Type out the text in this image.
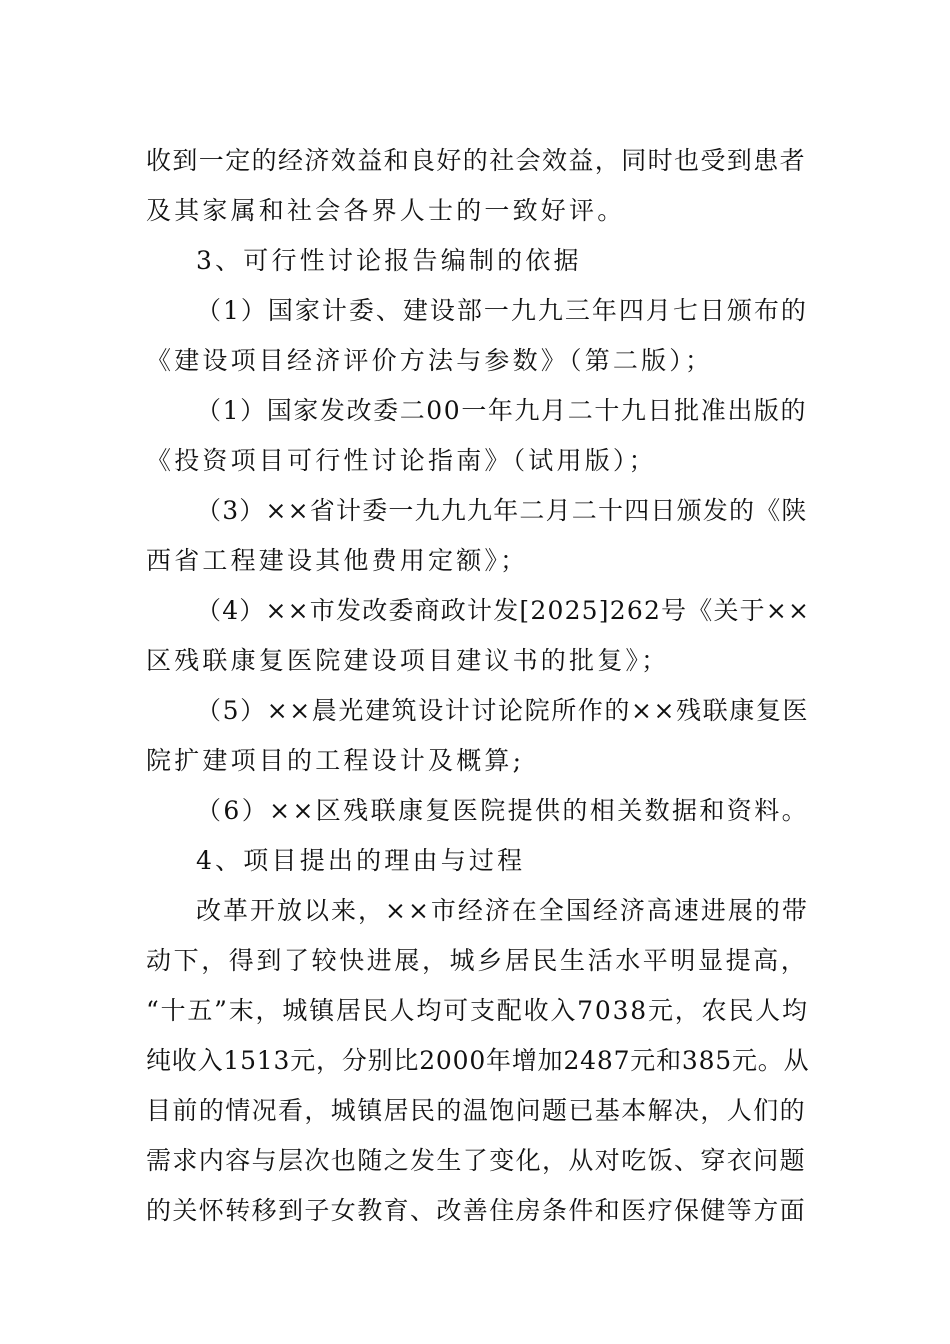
收到一定的经济效益和良好的社会效益，同时也受到患者
及其家属和社会各界人士的一致好评。
3、可行性讨论报告编制的依据
（1）国家计委、建设部一九九三年四月七日颁布的
《建设项目经济评价方法与参数》（第二版）；
（1）国家发改委二00一年九月二十九日批准出版的
《投资项目可行性讨论指南》（试用版）；
（3）××省计委一九九九年二月二十四日颁发的《陕
西省工程建设其他费用定额》；
（4）××市发改委商政计发[2025]262号《关于××
区残联康复医院建设项目建议书的批复》；
（5）××晨光建筑设计讨论院所作的××残联康复医
院扩建项目的工程设计及概算;
（6）××区残联康复医院提供的相关数据和资料。
4、项目提出的理由与过程
改革开放以来，××市经济在全国经济高速进展的带
动下，得到了较快进展，城乡居民生活水平明显提高，
“十五”末，城镇居民人均可支配收入7038元，农民人均
纯收入1513元，分别比2000年增加2487元和385元。从
目前的情况看，城镇居民的温饱问题已基本解决，人们的
需求内容与层次也随之发生了变化，从对吃饭、穿衣问题
的关怀转移到子女教育、改善住房条件和医疗保健等方面
